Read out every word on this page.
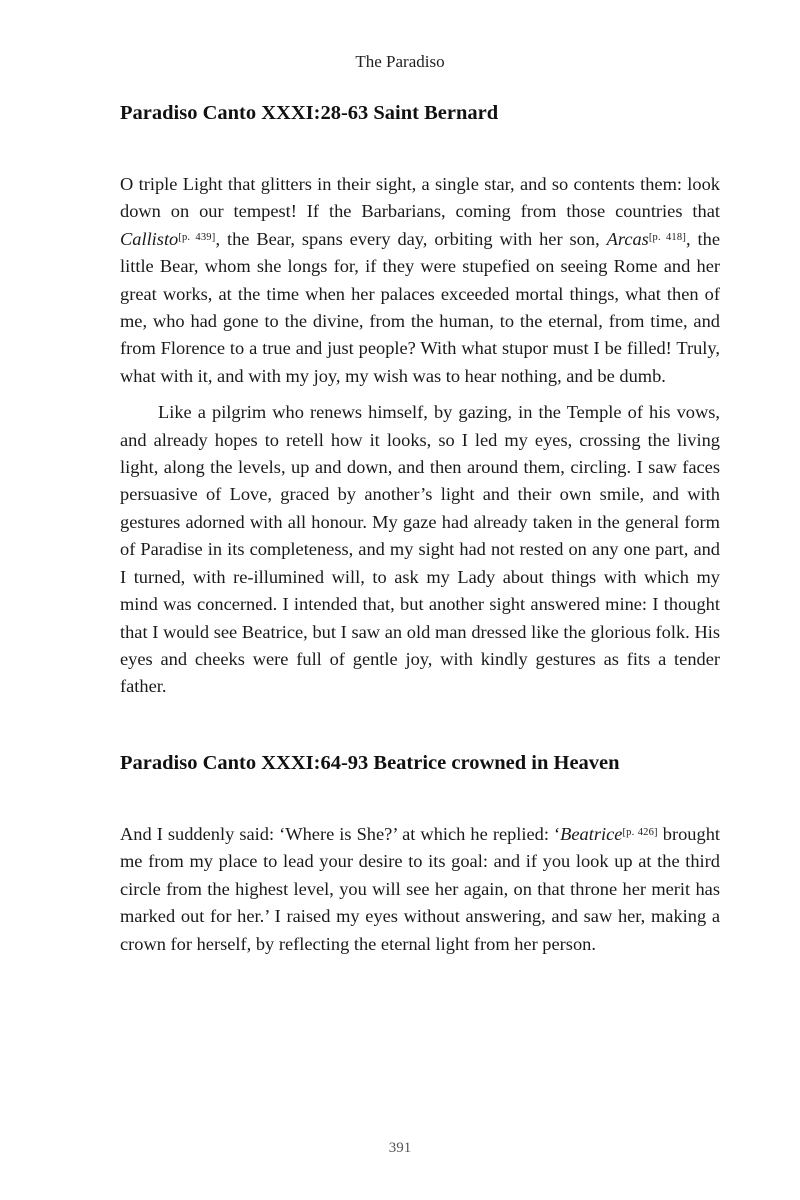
The Paradiso
Paradiso Canto XXXI:28-63 Saint Bernard

O triple Light that glitters in their sight, a single star, and so contents them: look down on our tempest! If the Barbarians, coming from those countries that Callisto[p. 439], the Bear, spans every day, orbiting with her son, Arcas[p. 418], the little Bear, whom she longs for, if they were stupefied on seeing Rome and her great works, at the time when her palaces exceeded mortal things, what then of me, who had gone to the divine, from the human, to the eternal, from time, and from Florence to a true and just people? With what stupor must I be filled! Truly, what with it, and with my joy, my wish was to hear nothing, and be dumb.

Like a pilgrim who renews himself, by gazing, in the Temple of his vows, and already hopes to retell how it looks, so I led my eyes, crossing the living light, along the levels, up and down, and then around them, circling. I saw faces persuasive of Love, graced by another’s light and their own smile, and with gestures adorned with all honour. My gaze had already taken in the general form of Paradise in its completeness, and my sight had not rested on any one part, and I turned, with re-illumined will, to ask my Lady about things with which my mind was concerned. I intended that, but another sight answered mine: I thought that I would see Beatrice, but I saw an old man dressed like the glorious folk. His eyes and cheeks were full of gentle joy, with kindly gestures as fits a tender father.

Paradiso Canto XXXI:64-93 Beatrice crowned in Heaven

And I suddenly said: ‘Where is She?’ at which he replied: ‘Beatrice[p. 426] brought me from my place to lead your desire to its goal: and if you look up at the third circle from the highest level, you will see her again, on that throne her merit has marked out for her.’ I raised my eyes without answering, and saw her, making a crown for herself, by reflecting the eternal light from her person.

391
